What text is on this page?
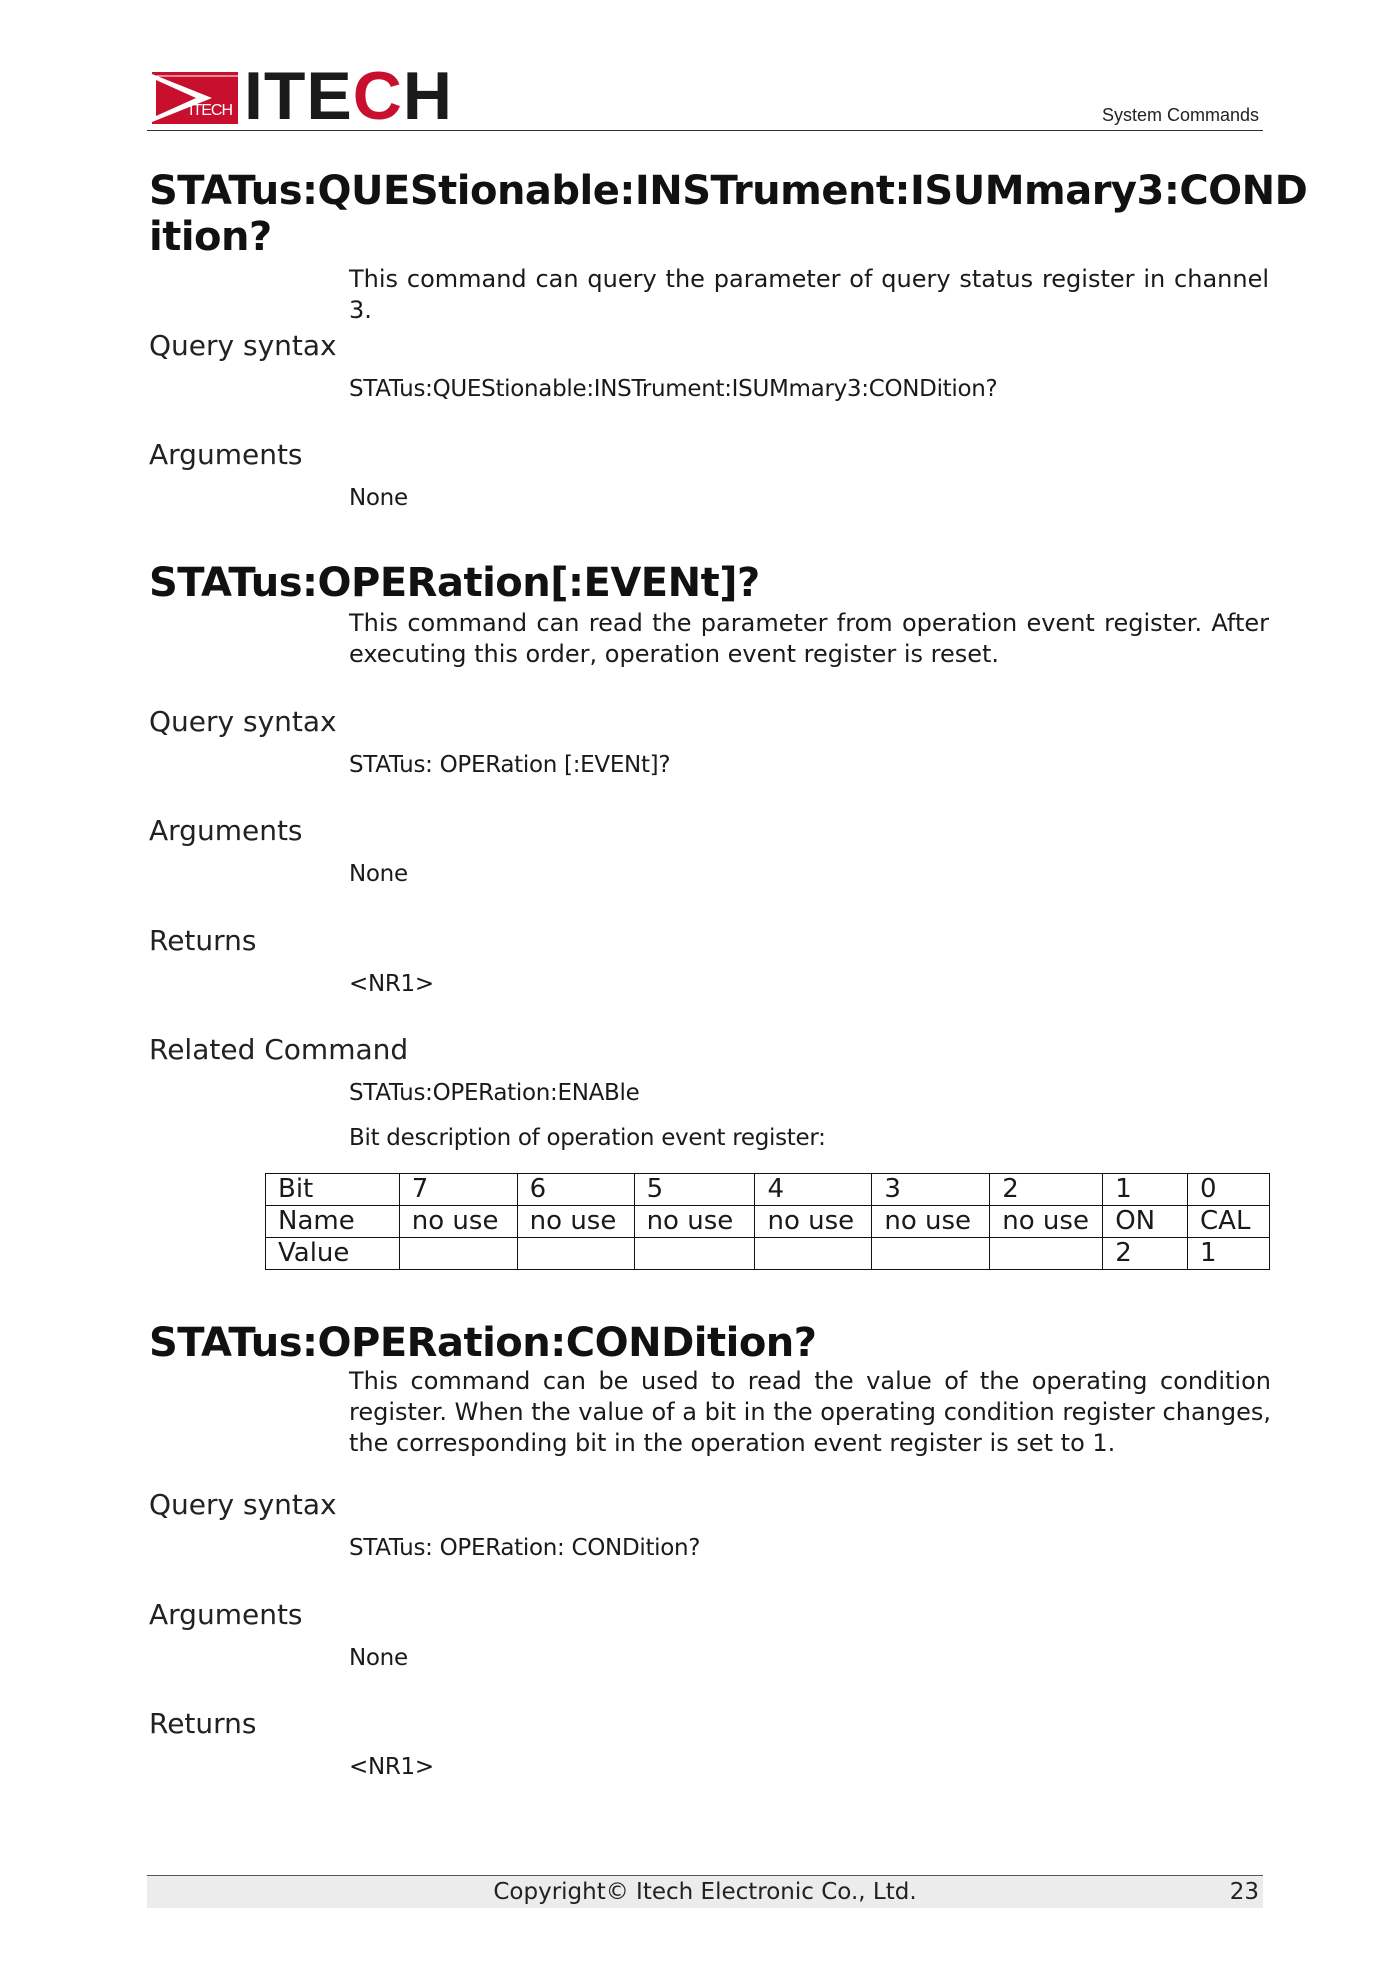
ITECH ITECH	System Commands
STATus:QUEStionable:INSTrument:ISUMmary3:COND
ition?

This command can query the parameter of query status register in channel 3.

Query syntax

STATus:QUEStionable:INSTrument:ISUMmary3:CONDition?

Arguments

None

STATus:OPERation[:EVENt]?

This command can read the parameter from operation event register. After executing this order, operation event register is reset.

Query syntax

STATus: OPERation [:EVENt]?

Arguments

None

Returns

<NR1>

Related Command

STATus:OPERation:ENABle

Bit description of operation event register:

Bit	7	6	5	4	3	2	1	0
Name	no use	no use	no use	no use	no use	no use	ON	CAL
Value							2	1
STATus:OPERation:CONDition?

This command can be used to read the value of the operating condition register. When the value of a bit in the operating condition register changes, the corresponding bit in the operation event register is set to 1.

Query syntax

STATus: OPERation: CONDition?

Arguments

None

Returns

<NR1>

Copyright© Itech Electronic Co., Ltd.	23
